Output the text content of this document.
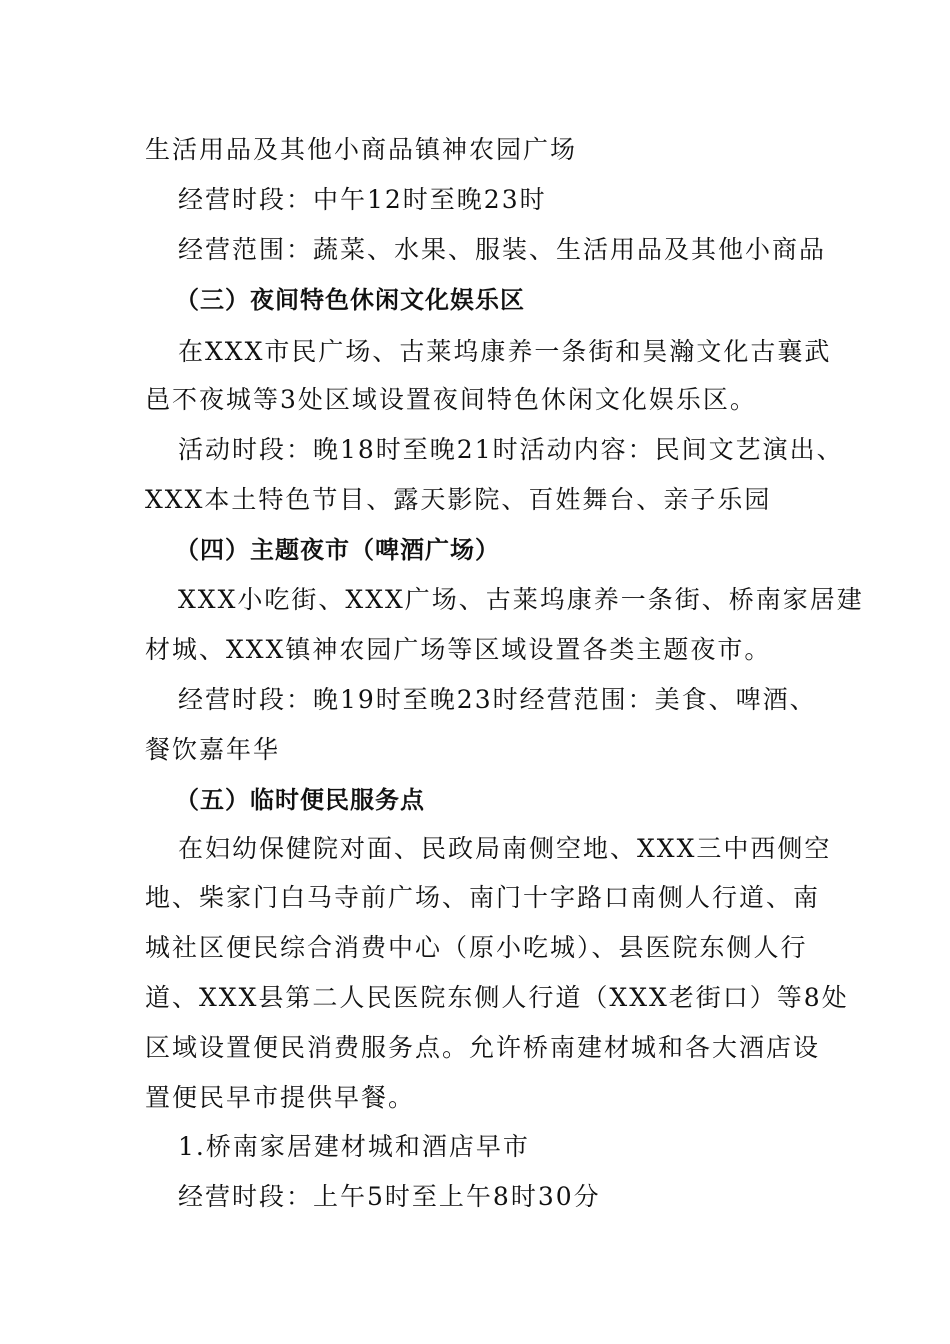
生活用品及其他小商品镇神农园广场
经营时段：中午12时至晚23时
经营范围：蔬菜、水果、服装、生活用品及其他小商品
（三）夜间特色休闲文化娱乐区
在XXX市民广场、古莱坞康养一条街和昊瀚文化古襄武
邑不夜城等3处区域设置夜间特色休闲文化娱乐区。
活动时段：晚18时至晚21时活动内容：民间文艺演出、
XXX本土特色节目、露天影院、百姓舞台、亲子乐园
（四）主题夜市（啤酒广场）
XXX小吃街、XXX广场、古莱坞康养一条街、桥南家居建
材城、XXX镇神农园广场等区域设置各类主题夜市。
经营时段：晚19时至晚23时经营范围：美食、啤酒、
餐饮嘉年华
（五）临时便民服务点
在妇幼保健院对面、民政局南侧空地、XXX三中西侧空
地、柴家门白马寺前广场、南门十字路口南侧人行道、南
城社区便民综合消费中心（原小吃城）、县医院东侧人行
道、XXX县第二人民医院东侧人行道（XXX老街口）等8处
区域设置便民消费服务点。允许桥南建材城和各大酒店设
置便民早市提供早餐。
1.桥南家居建材城和酒店早市
经营时段：上午5时至上午8时30分
